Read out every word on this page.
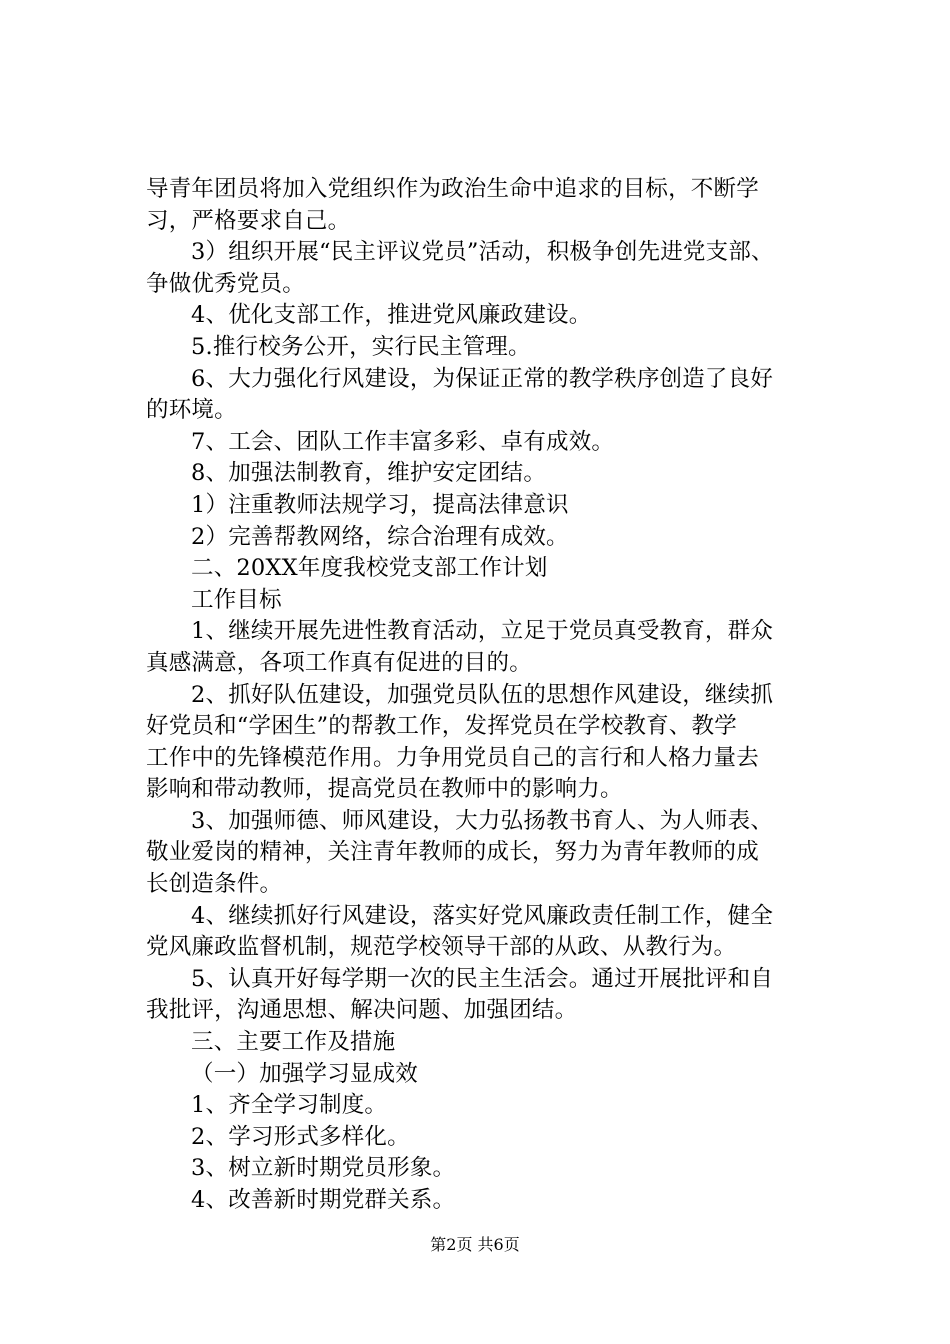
导青年团员将加入党组织作为政治生命中追求的目标，不断学
习，严格要求自己。
3）组织开展“民主评议党员”活动，积极争创先进党支部、
争做优秀党员。
4、优化支部工作，推进党风廉政建设。
5.推行校务公开，实行民主管理。
6、大力强化行风建设，为保证正常的教学秩序创造了良好
的环境。
7、工会、团队工作丰富多彩、卓有成效。
8、加强法制教育，维护安定团结。
1）注重教师法规学习，提高法律意识
2）完善帮教网络，综合治理有成效。
二、20XX年度我校党支部工作计划
工作目标
1、继续开展先进性教育活动，立足于党员真受教育，群众
真感满意，各项工作真有促进的目的。
2、抓好队伍建设，加强党员队伍的思想作风建设，继续抓
好党员和“学困生”的帮教工作，发挥党员在学校教育、教学
工作中的先锋模范作用。力争用党员自己的言行和人格力量去
影响和带动教师，提高党员在教师中的影响力。
3、加强师德、师风建设，大力弘扬教书育人、为人师表、
敬业爱岗的精神，关注青年教师的成长，努力为青年教师的成
长创造条件。
4、继续抓好行风建设，落实好党风廉政责任制工作，健全
党风廉政监督机制，规范学校领导干部的从政、从教行为。
5、认真开好每学期一次的民主生活会。通过开展批评和自
我批评，沟通思想、解决问题、加强团结。
三、主要工作及措施
（一）加强学习显成效
1、齐全学习制度。
2、学习形式多样化。
3、树立新时期党员形象。
4、改善新时期党群关系。
第2页 共6页
